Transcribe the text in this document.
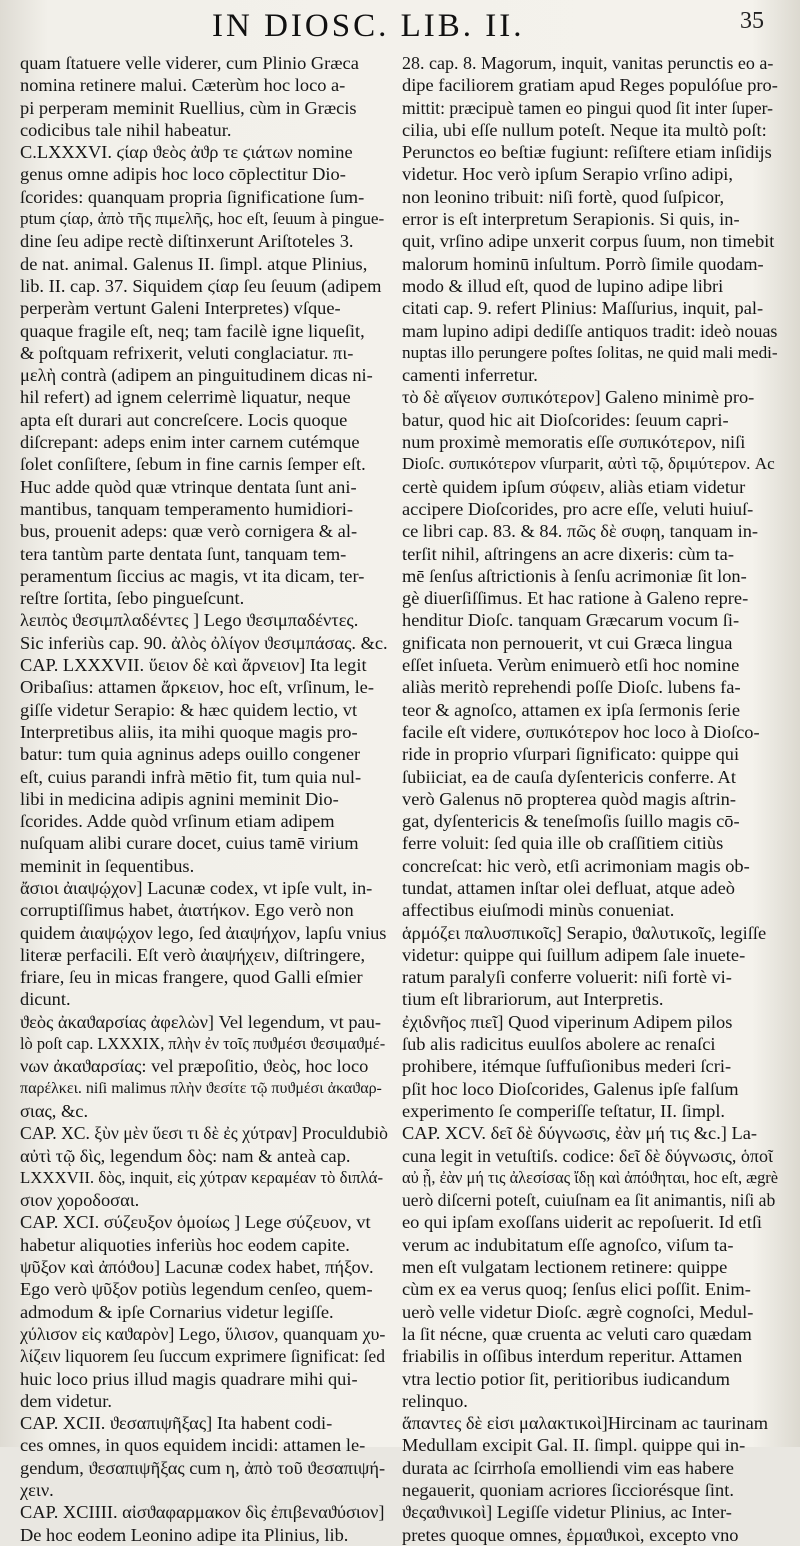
IN DIOSC. LIB. II.	35
quam ſtatuere velle viderer, cum Plinio Græca
nomina retinere malui. Cæterùm hoc loco a-
pi perperam meminit Ruellius, cùm in Græcis
codicibus tale nihil habeatur.
C.LXXXVI. ϛίαρ ϑεὸς ἀϑρ τε ϛιάτων nomine
genus omne adipis hoc loco cōplectitur Dio-
ſcorides: quanquam propria ſignificatione ſum-
ptum ϛίαρ, ἀπὸ τῆς πιμελῆς, hoc eſt, ſeuum à pingue-
dine ſeu adipe rectè diſtinxerunt Ariſtoteles 3.
de nat. animal. Galenus II. ſimpl. atque Plinius,
lib. II. cap. 37. Siquidem ϛίαρ ſeu ſeuum (adipem
perperàm vertunt Galeni Interpretes) vſque-
quaque fragile eſt, neq; tam facilè igne liqueſit,
& poſtquam refrixerit, veluti conglaciatur. πι-
μελὴ contrà (adipem an pinguitudinem dicas ni-
hil refert) ad ignem celerrimè liquatur, neque
apta eſt durari aut concreſcere. Locis quoque
diſcrepant: adeps enim inter carnem cutémque
ſolet conſiſtere, ſebum in fine carnis ſemper eſt.
Huc adde quòd quæ vtrinque dentata ſunt ani-
mantibus, tanquam temperamento humidiori-
bus, prouenit adeps: quæ verò cornigera & al-
tera tantùm parte dentata ſunt, tanquam tem-
peramentum ſiccius ac magis, vt ita dicam, ter-
reſtre ſortita, ſebo pingueſcunt.
λειπὸς ϑεσιμπλαδέντες ] Lego ϑεσιμπαδέντες.
Sic inferiùs cap. 90. ἀλὸς ὀλίγον ϑεσιμπάσας. &c.
CAP. LXXXVII. ὕειον δὲ καὶ ἄρνειον] Ita legit
Oribaſius: attamen ἄρκειον, hoc eſt, vrſinum, le-
giſſe videtur Serapio: & hæc quidem lectio, vt
Interpretibus aliis, ita mihi quoque magis pro-
batur: tum quia agninus adeps ouillo congener
eſt, cuius parandi infrà mētio fit, tum quia nul-
libi in medicina adipis agnini meminit Dio-
ſcorides. Adde quòd vrſinum etiam adipem
nuſquam alibi curare docet, cuius tamē virium
meminit in ſequentibus.
ἄσιοι ἀιαψῴχον] Lacunæ codex, vt ipſe vult, in-
corruptiſſimus habet, ἀιατήκον. Ego verò non
quidem ἀιαψῴχον lego, ſed ἀιαψήχον, lapſu vnius
literæ perfacili. Eſt verò ἀιαψήχειν, diſtringere,
friare, ſeu in micas frangere, quod Galli eſmier
dicunt.
ϑεὸς ἀκαϑαρσίας ἀφελὼν] Vel legendum, vt pau-
lò poſt cap. LXXXIX, πλὴν ἐν τοῖς πυϑμέσι ϑεσιμαϑμέ-
νων ἀκαϑαρσίας: vel præpoſitio, ϑεὸς, hoc loco
παρέλκει. niſi malimus πλὴν ϑεσίτε τῷ πυϑμέσι ἀκαϑαρ-
σιας, &c.
CAP. XC. ξὺν μὲν ὕεσι τι δὲ ἐς χύτραν] Proculdubiò
αὐτὶ τῷ δὶς, legendum δὸς: nam & anteà cap.
LXXXVII. δὸς, inquit, εἰς χύτραν κεραμέαν τὸ διπλά-
σιον χοροδοσαι.
CAP. XCI. σύζευξον ὁμοίως ] Lege σύζευον, vt
habetur aliquoties inferiùs hoc eodem capite.
ψῦξον καὶ ἀπόϑου] Lacunæ codex habet, πήξον.
Ego verò ψῦξον potiùs legendum cenſeo, quem-
admodum & ipſe Cornarius videtur legiſſe.
χύλισον εἰς καϑαρὸν] Lego, ὕλισον, quanquam χυ-
λίζειν liquorem ſeu ſuccum exprimere ſignificat: ſed
huic loco prius illud magis quadrare mihi qui-
dem videtur.
CAP. XCII. ϑεσαπιψῆξας] Ita habent codi-
ces omnes, in quos equidem incidi: attamen le-
gendum, ϑεσαπιψῆξας cum η, ἀπὸ τοῦ ϑεσαπιψή-
χειν.
CAP. XCIIII. αἰσϑαφαρμακον δὶς ἐπιβεναϑύσιον]
De hoc eodem Leonino adipe ita Plinius, lib.
28. cap. 8. Magorum, inquit, vanitas perunctis eo a-
dipe faciliorem gratiam apud Reges populóſue pro-
mittit: præcipuè tamen eo pingui quod ſit inter ſuper-
cilia, ubi eſſe nullum poteſt. Neque ita multò poſt:
Perunctos eo beſtiæ fugiunt: reſiſtere etiam inſidijs
videtur. Hoc verò ipſum Serapio vrſino adipi,
non leonino tribuit: niſi fortè, quod ſuſpicor,
error is eſt interpretum Serapionis. Si quis, in-
quit, vrſino adipe unxerit corpus ſuum, non timebit
malorum hominū inſultum. Porrò ſimile quodam-
modo & illud eſt, quod de lupino adipe libri
citati cap. 9. refert Plinius: Maſſurius, inquit, pal-
mam lupino adipi dediſſe antiquos tradit: ideò nouas
nuptas illo perungere poſtes ſolitas, ne quid mali medi-
camenti inferretur.
τὸ δὲ αἴγειον συπικότερον] Galeno minimè pro-
batur, quod hic ait Dioſcorides: ſeuum capri-
num proximè memoratis eſſe συπικότερον, niſi
Dioſc. συπικότερον vſurparit, αὐτὶ τῷ, δριμύτερον. Ac
certè quidem ipſum σύφειν, aliàs etiam videtur
accipere Dioſcorides, pro acre eſſe, veluti huiuſ-
ce libri cap. 83. & 84. πῶς δὲ συφη, tanquam in-
terſit nihil, aſtringens an acre dixeris: cùm ta-
mē ſenſus aſtrictionis à ſenſu acrimoniæ ſit lon-
gè diuerſiſſimus. Et hac ratione à Galeno repre-
henditur Dioſc. tanquam Græcarum vocum ſi-
gnificata non pernouerit, vt cui Græca lingua
eſſet inſueta. Verùm enimuerò etſi hoc nomine
aliàs meritò reprehendi poſſe Dioſc. lubens fa-
teor & agnoſco, attamen ex ipſa ſermonis ſerie
facile eſt videre, συπικότερον hoc loco à Dioſco-
ride in proprio vſurpari ſignificato: quippe qui
ſubiiciat, ea de cauſa dyſentericis conferre. At
verò Galenus nō propterea quòd magis aſtrin-
gat, dyſentericis & teneſmoſis ſuillo magis cō-
ferre voluit: ſed quia ille ob craſſitiem citiùs
concreſcat: hic verò, etſi acrimoniam magis ob-
tundat, attamen inſtar olei defluat, atque adeò
affectibus eiuſmodi minùs conueniat.
ἁρμόζει παλυσπικοῖς] Serapio, ϑαλυτικοῖς, legiſſe
videtur: quippe qui ſuillum adipem ſale inuete-
ratum paralyſi conferre voluerit: niſi fortè vi-
tium eſt librariorum, aut Interpretis.
ἐχιδνῆος πιεῖ] Quod viperinum Adipem pilos
ſub alis radicitus euulſos abolere ac renaſci
prohibere, itémque ſuffuſionibus mederi ſcri-
pſit hoc loco Dioſcorides, Galenus ipſe falſum
experimento ſe comperiſſe teſtatur, II. ſimpl.
CAP. XCV. δεῖ δὲ δύγνωσις, ἐὰν μή τις &c.] La-
cuna legit in vetuſtiſs. codice: δεῖ δὲ δύγνωσις, ὁποῖ
αὐ ᾖ, ἐὰν μή τις ἀλεσίσας ἴδῃ καὶ ἀπόϑηται, hoc eſt, ægrè
uerò diſcerni poteſt, cuiuſnam ea ſit animantis, niſi ab
eo qui ipſam exoſſans uiderit ac repoſuerit. Id etſi
verum ac indubitatum eſſe agnoſco, viſum ta-
men eſt vulgatam lectionem retinere: quippe
cùm ex ea verus quoq; ſenſus elici poſſit. Enim-
uerò velle videtur Dioſc. ægrè cognoſci, Medul-
la ſit nécne, quæ cruenta ac veluti caro quædam
friabilis in oſſibus interdum reperitur. Attamen
vtra lectio potior ſit, peritioribus iudicandum
relinquo.
ἅπαντες δὲ εἰσι μαλακτικοὶ]Hircinam ac taurinam
Medullam excipit Gal. II. ſimpl. quippe qui in-
durata ac ſcirrhoſa emolliendi vim eas habere
negauerit, quoniam acriores ſicciorésque ſint.
ϑεςαϑινικοὶ] Legiſſe videtur Plinius, ac Inter-
pretes quoque omnes, ἑρμαϑικοὶ, excepto vno
